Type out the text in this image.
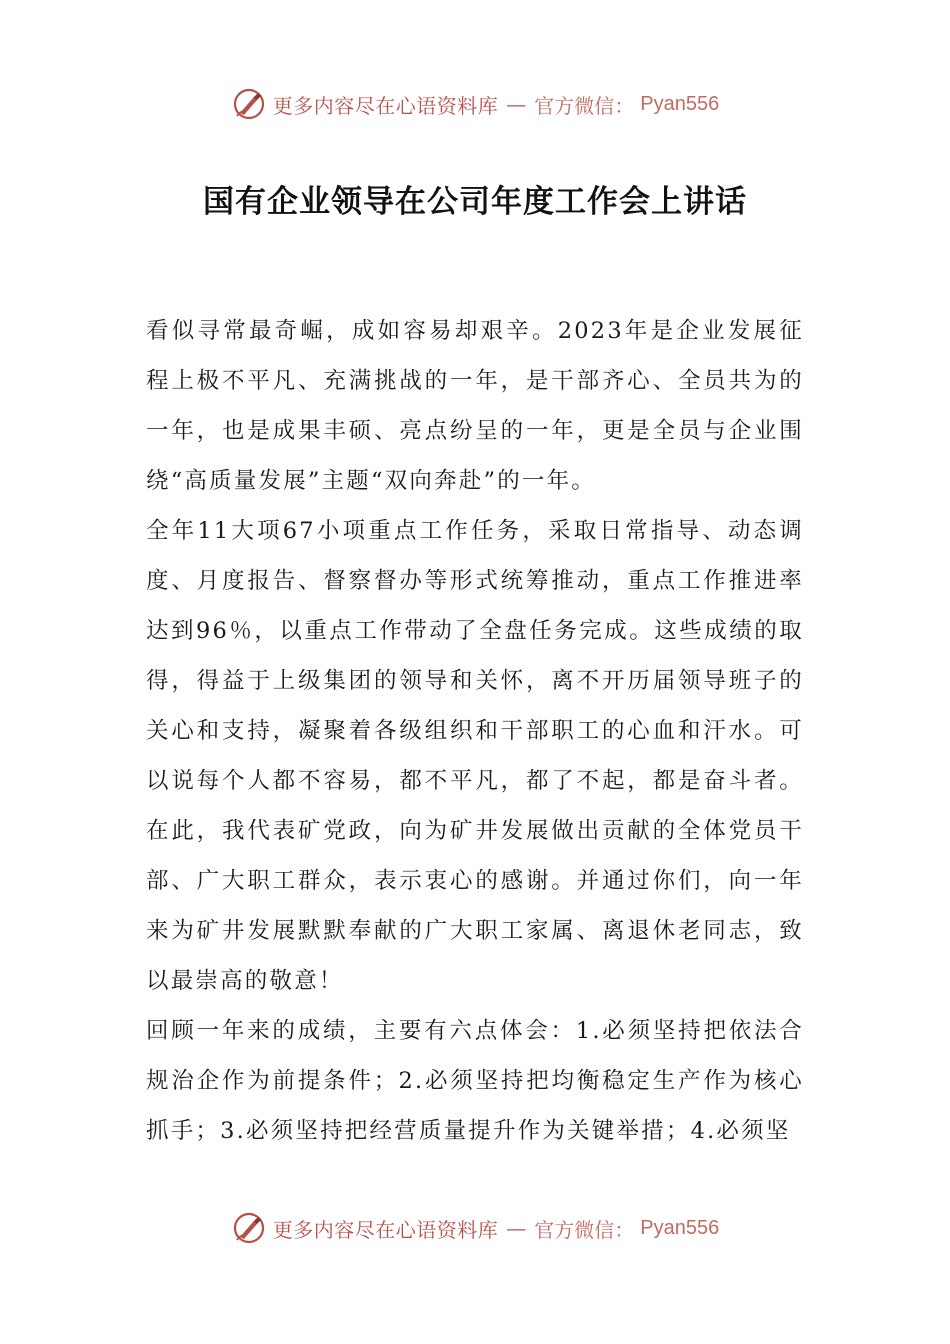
更多内容尽在心语资料库 — 官方微信： Pyan556
国有企业领导在公司年度工作会上讲话

看似寻常最奇崛，成如容易却艰辛。2023年是企业发展征程上极不平凡、充满挑战的一年，是干部齐心、全员共为的一年，也是成果丰硕、亮点纷呈的一年，更是全员与企业围绕“高质量发展”主题“双向奔赴”的一年。

全年11大项67小项重点工作任务，采取日常指导、动态调度、月度报告、督察督办等形式统筹推动，重点工作推进率达到96％，以重点工作带动了全盘任务完成。这些成绩的取得，得益于上级集团的领导和关怀，离不开历届领导班子的关心和支持，凝聚着各级组织和干部职工的心血和汗水。可以说每个人都不容易，都不平凡，都了不起，都是奋斗者。在此，我代表矿党政，向为矿井发展做出贡献的全体党员干部、广大职工群众，表示衷心的感谢。并通过你们，向一年来为矿井发展默默奉献的广大职工家属、离退休老同志，致以最崇高的敬意！

回顾一年来的成绩，主要有六点体会：1.必须坚持把依法合规治企作为前提条件；2.必须坚持把均衡稳定生产作为核心抓手；3.必须坚持把经营质量提升作为关键举措；4.必须坚

更多内容尽在心语资料库 — 官方微信： Pyan556
